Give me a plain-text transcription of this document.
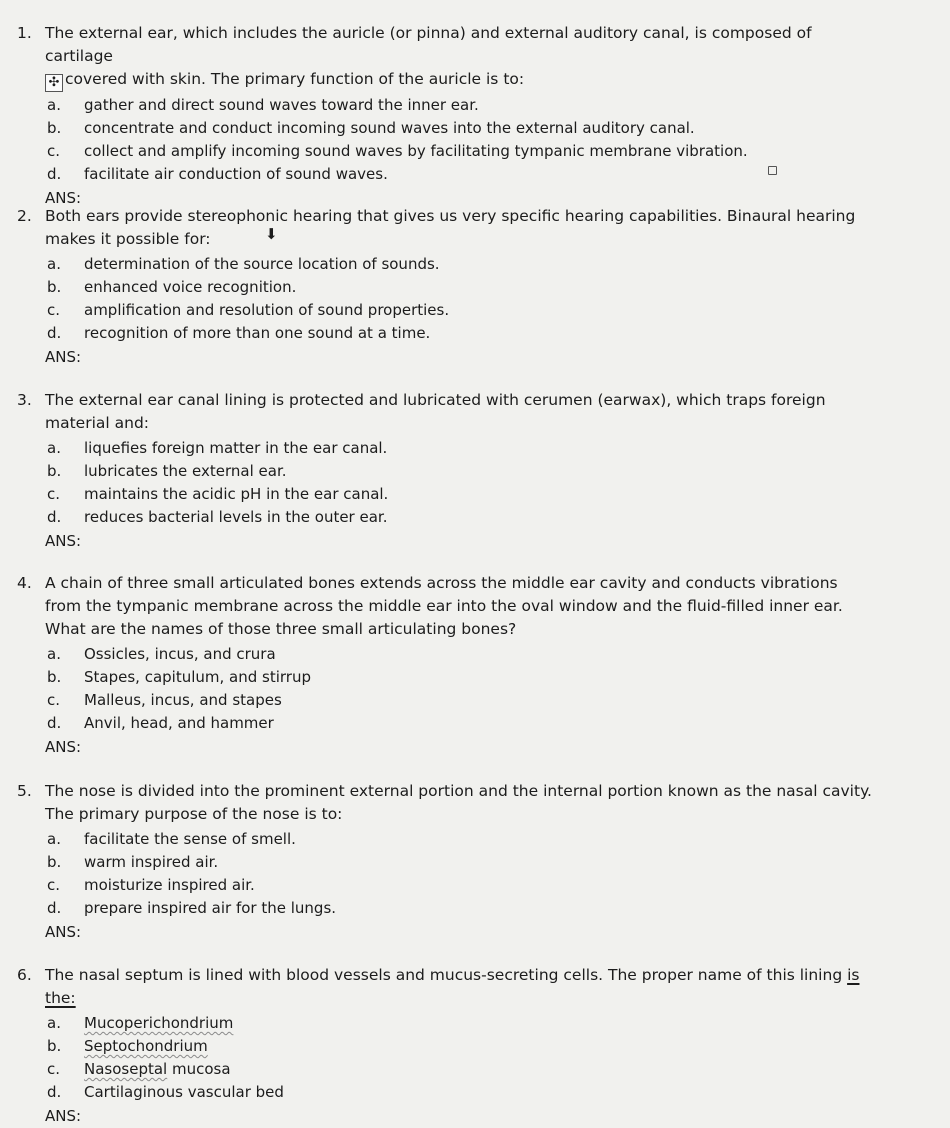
1. The external ear, which includes the auricle (or pinna) and external auditory canal, is composed of cartilage
✣ covered with skin. The primary function of the auricle is to:
a. gather and direct sound waves toward the inner ear.
b. concentrate and conduct incoming sound waves into the external auditory canal.
c. collect and amplify incoming sound waves by facilitating tympanic membrane vibration.
d. facilitate air conduction of sound waves.
ANS:
2. Both ears provide stereophonic hearing that gives us very specific hearing capabilities. Binaural hearing makes it possible for:
a. determination of the source location of sounds.
b. enhanced voice recognition.
c. amplification and resolution of sound properties.
d. recognition of more than one sound at a time.
ANS:
⬇
3. The external ear canal lining is protected and lubricated with cerumen (earwax), which traps foreign material and:
a. liquefies foreign matter in the ear canal.
b. lubricates the external ear.
c. maintains the acidic pH in the ear canal.
d. reduces bacterial levels in the outer ear.
ANS:
4. A chain of three small articulated bones extends across the middle ear cavity and conducts vibrations from the tympanic membrane across the middle ear into the oval window and the fluid-filled inner ear. What are the names of those three small articulating bones?
a. Ossicles, incus, and crura
b. Stapes, capitulum, and stirrup
c. Malleus, incus, and stapes
d. Anvil, head, and hammer
ANS:
5. The nose is divided into the prominent external portion and the internal portion known as the nasal cavity. The primary purpose of the nose is to:
a. facilitate the sense of smell.
b. warm inspired air.
c. moisturize inspired air.
d. prepare inspired air for the lungs.
ANS:
6. The nasal septum is lined with blood vessels and mucus-secreting cells. The proper name of this lining is
the:
a. Mucoperichondrium
b. Septochondrium
c. Nasoseptal mucosa
d. Cartilaginous vascular bed
ANS:
